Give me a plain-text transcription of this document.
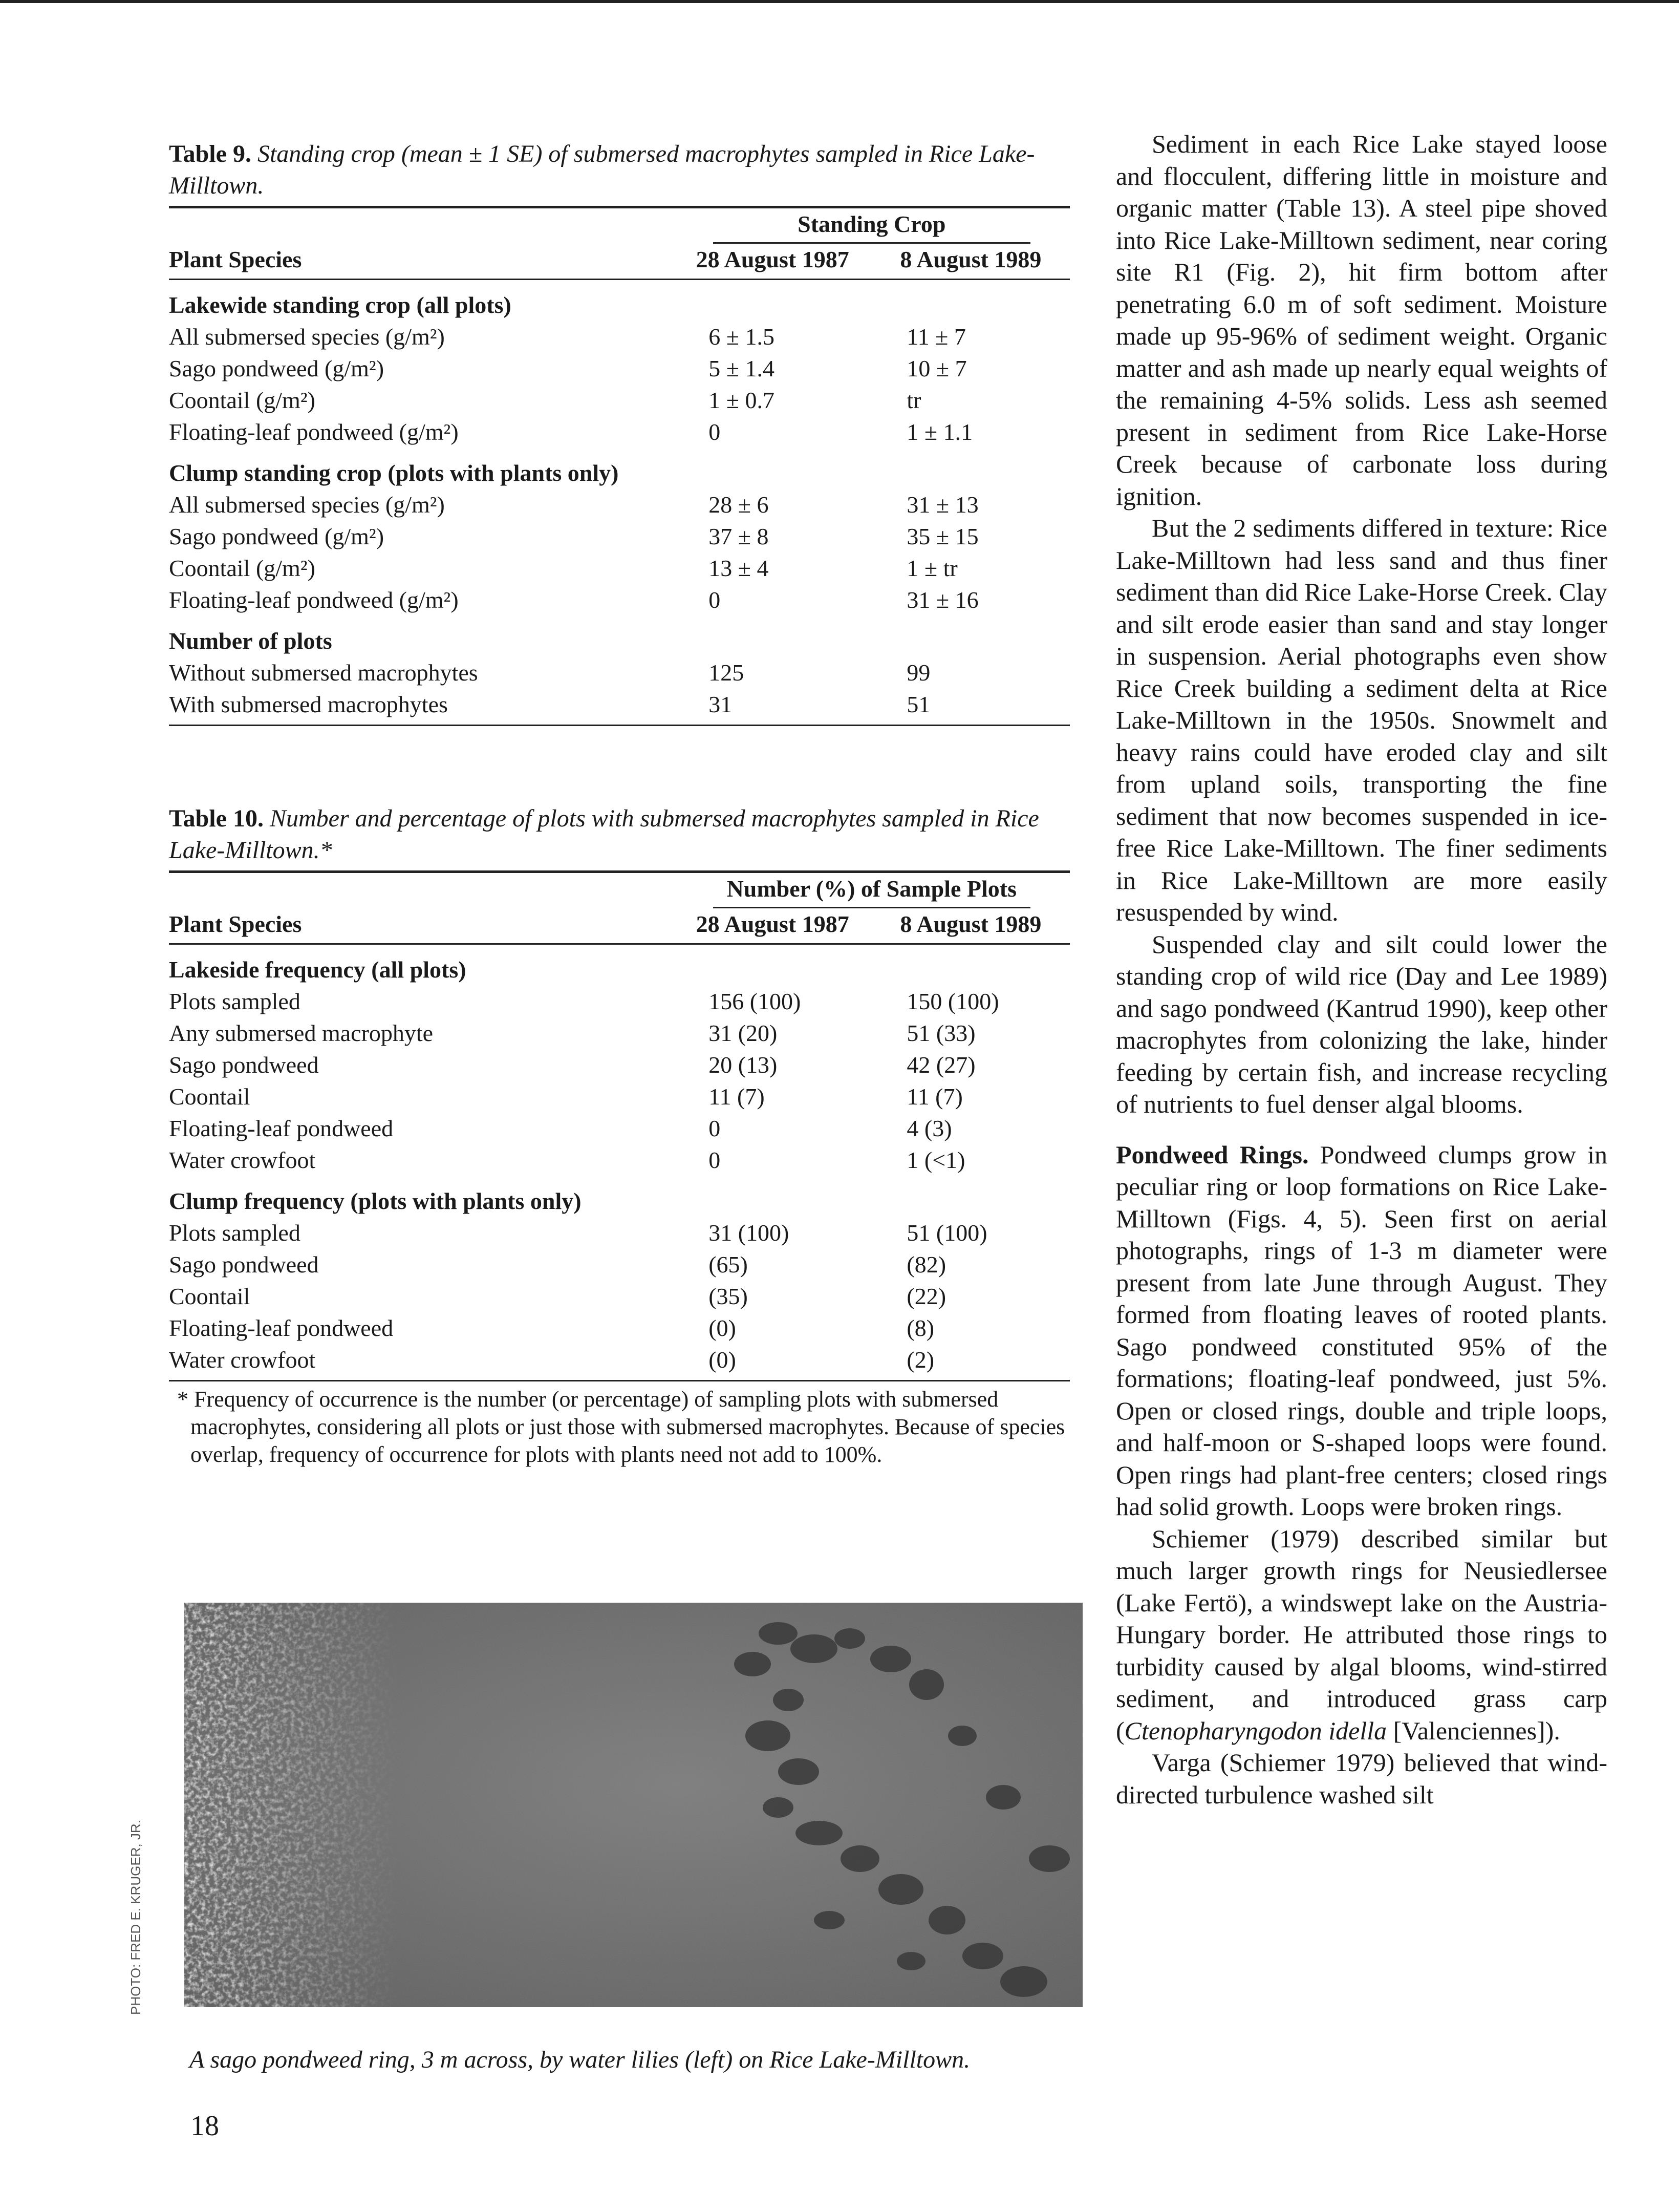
Table 9. Standing crop (mean ± 1 SE) of submersed macrophytes sampled in Rice Lake-Milltown.

	Standing Crop	
Plant Species	28 August 1987	8 August 1989
Lakewide standing crop (all plots)		
All submersed species (g/m²)	6 ± 1.5	11 ± 7
Sago pondweed (g/m²)	5 ± 1.4	10 ± 7
Coontail (g/m²)	1 ± 0.7	tr
Floating-leaf pondweed (g/m²)	0	1 ± 1.1
Clump standing crop (plots with plants only)		
All submersed species (g/m²)	28 ± 6	31 ± 13
Sago pondweed (g/m²)	37 ± 8	35 ± 15
Coontail (g/m²)	13 ± 4	1 ± tr
Floating-leaf pondweed (g/m²)	0	31 ± 16
Number of plots		
Without submersed macrophytes	125	99
With submersed macrophytes	31	51

Table 10. Number and percentage of plots with submersed macrophytes sampled in Rice Lake-Milltown.*

	Number (%) of Sample Plots	
Plant Species	28 August 1987	8 August 1989
Lakeside frequency (all plots)		
Plots sampled	156 (100)	150 (100)
Any submersed macrophyte	31 (20)	51 (33)
Sago pondweed	20 (13)	42 (27)
Coontail	11 (7)	11 (7)
Floating-leaf pondweed	0	4 (3)
Water crowfoot	0	1 (<1)
Clump frequency (plots with plants only)		
Plots sampled	31 (100)	51 (100)
Sago pondweed	(65)	(82)
Coontail	(35)	(22)
Floating-leaf pondweed	(0)	(8)
Water crowfoot	(0)	(2)

* Frequency of occurrence is the number (or percentage) of sampling plots with submersed macrophytes, considering all plots or just those with submersed macrophytes. Because of species overlap, frequency of occurrence for plots with plants need not add to 100%.

PHOTO: FRED E. KRUGER, JR.

A sago pondweed ring, 3 m across, by water lilies (left) on Rice Lake-Milltown.

Sediment in each Rice Lake stayed loose and flocculent, differing little in moisture and organic matter (Table 13). A steel pipe shoved into Rice Lake-Milltown sediment, near coring site R1 (Fig. 2), hit firm bottom after penetrating 6.0 m of soft sediment. Moisture made up 95-96% of sediment weight. Organic matter and ash made up nearly equal weights of the remaining 4-5% solids. Less ash seemed present in sediment from Rice Lake-Horse Creek because of carbonate loss during ignition.

But the 2 sediments differed in texture: Rice Lake-Milltown had less sand and thus finer sediment than did Rice Lake-Horse Creek. Clay and silt erode easier than sand and stay longer in suspension. Aerial photographs even show Rice Creek building a sediment delta at Rice Lake-Milltown in the 1950s. Snowmelt and heavy rains could have eroded clay and silt from upland soils, transporting the fine sediment that now becomes suspended in ice-free Rice Lake-Milltown. The finer sediments in Rice Lake-Milltown are more easily resuspended by wind.

Suspended clay and silt could lower the standing crop of wild rice (Day and Lee 1989) and sago pondweed (Kantrud 1990), keep other macrophytes from colonizing the lake, hinder feeding by certain fish, and increase recycling of nutrients to fuel denser algal blooms.

Pondweed Rings. Pondweed clumps grow in peculiar ring or loop formations on Rice Lake-Milltown (Figs. 4, 5). Seen first on aerial photographs, rings of 1-3 m diameter were present from late June through August. They formed from floating leaves of rooted plants. Sago pondweed constituted 95% of the formations; floating-leaf pondweed, just 5%. Open or closed rings, double and triple loops, and half-moon or S-shaped loops were found. Open rings had plant-free centers; closed rings had solid growth. Loops were broken rings.

Schiemer (1979) described similar but much larger growth rings for Neusiedlersee (Lake Fertö), a windswept lake on the Austria-Hungary border. He attributed those rings to turbidity caused by algal blooms, wind-stirred sediment, and introduced grass carp (Ctenopharyngodon idella [Valenciennes]).

Varga (Schiemer 1979) believed that wind-directed turbulence washed silt

18
